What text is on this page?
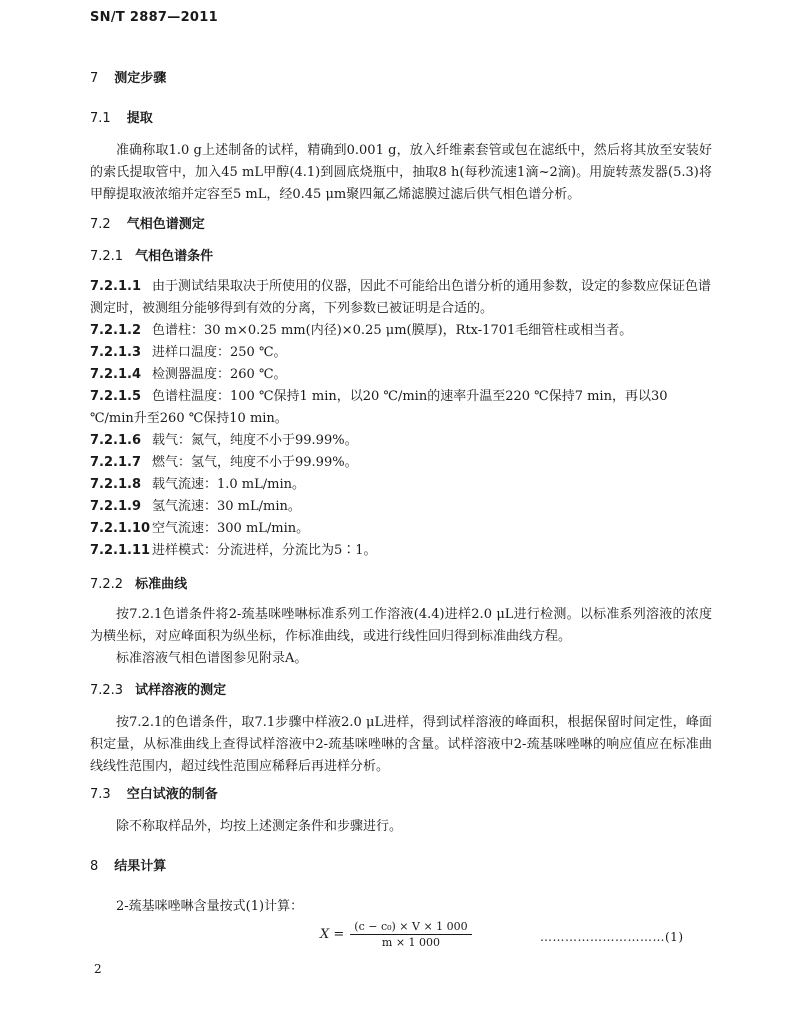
SN/T 2887—2011
7 测定步骤
7.1 提取
准确称取1.0 g上述制备的试样，精确到0.001 g，放入纤维素套管或包在滤纸中，然后将其放至安装好的索氏提取管中，加入45 mL甲醇(4.1)到圆底烧瓶中，抽取8 h(每秒流速1滴~2滴)。用旋转蒸发器(5.3)将甲醇提取液浓缩并定容至5 mL，经0.45 μm聚四氟乙烯滤膜过滤后供气相色谱分析。
7.2 气相色谱测定
7.2.1 气相色谱条件
7.2.1.1 由于测试结果取决于所使用的仪器，因此不可能给出色谱分析的通用参数，设定的参数应保证色谱测定时，被测组分能够得到有效的分离，下列参数已被证明是合适的。
7.2.1.2 色谱柱：30 m×0.25 mm(内径)×0.25 μm(膜厚)，Rtx-1701毛细管柱或相当者。
7.2.1.3 进样口温度：250 ℃。
7.2.1.4 检测器温度：260 ℃。
7.2.1.5 色谱柱温度：100 ℃保持1 min，以20 ℃/min的速率升温至220 ℃保持7 min，再以30 ℃/min升至260 ℃保持10 min。
7.2.1.6 载气：氮气，纯度不小于99.99%。
7.2.1.7 燃气：氢气，纯度不小于99.99%。
7.2.1.8 载气流速：1.0 mL/min。
7.2.1.9 氢气流速：30 mL/min。
7.2.1.10 空气流速：300 mL/min。
7.2.1.11 进样模式：分流进样，分流比为5∶1。
7.2.2 标准曲线
按7.2.1色谱条件将2-巯基咪唑啉标准系列工作溶液(4.4)进样2.0 μL进行检测。以标准系列溶液的浓度为横坐标，对应峰面积为纵坐标，作标准曲线，或进行线性回归得到标准曲线方程。
标准溶液气相色谱图参见附录A。
7.2.3 试样溶液的测定
按7.2.1的色谱条件，取7.1步骤中样液2.0 μL进样，得到试样溶液的峰面积，根据保留时间定性，峰面积定量，从标准曲线上查得试样溶液中2-巯基咪唑啉的含量。试样溶液中2-巯基咪唑啉的响应值应在标准曲线线性范围内，超过线性范围应稀释后再进样分析。
7.3 空白试液的制备
除不称取样品外，均按上述测定条件和步骤进行。
8 结果计算
2-巯基咪唑啉含量按式(1)计算：
$X = \frac{\text{(c − c₀) × V × 1 000}}{m \times 1 000}$	…………………………(1)
2
